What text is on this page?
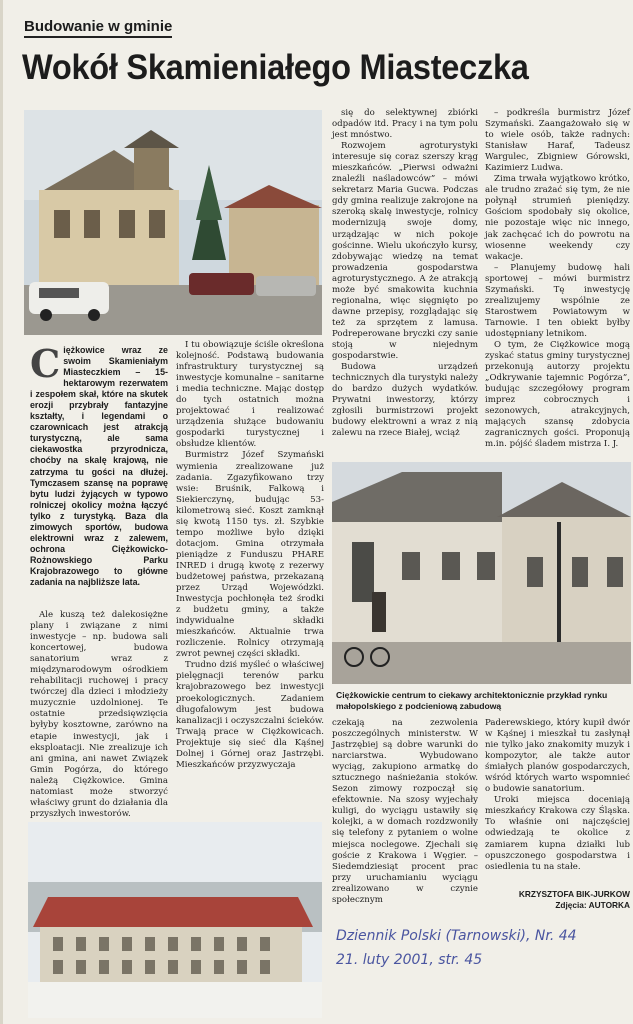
Budowanie w gminie
Wokół Skamieniałego Miasteczka
Ciężkowice wraz ze swoim Skamieniałym Miasteczkiem – 15-hektarowym rezerwatem i zespołem skał, które na skutek erozji przybrały fantazyjne kształty, i legendami o czarownicach jest atrakcją turystyczną, ale sama ciekawostka przyrodnicza, choćby na skalę krajową, nie zatrzyma tu gości na dłużej. Tymczasem szansę na poprawę bytu ludzi żyjących w typowo rolniczej okolicy można łączyć tylko z turystyką. Baza dla zimowych sportów, budowa elektrowni wraz z zalewem, ochrona Ciężkowicko-Rożnowskiego Parku Krajobrazowego to główne zadania na najbliższe lata.

Ale kuszą też dalekosiężne plany i związane z nimi inwestycje – np. budowa sali koncertowej, budowa sanatorium wraz z międzynarodowym ośrodkiem rehabilitacji ruchowej i pracy twórczej dla dzieci i młodzieży muzycznie uzdolnionej. Te ostatnie przedsięwzięcia byłyby kosztowne, zarówno na etapie inwestycji, jak i eksploatacji. Nie zrealizuje ich ani gmina, ani nawet Związek Gmin Pogórza, do którego należą Ciężkowice. Gmina natomiast może stworzyć właściwy grunt do działania dla przyszłych inwestorów.

I tu obowiązuje ściśle określona kolejność. Podstawą budowania infrastruktury turystycznej są inwestycje komunalne – sanitarne i media techniczne. Mając dostęp do tych ostatnich można projektować i realizować urządzenia służące budowaniu gospodarki turystycznej i obsłudze klientów.

Burmistrz Józef Szymański wymienia zrealizowane już zadania. Zgazyfikowano trzy wsie: Bruśnik, Falkową i Siekierczynę, budując 53-kilometrową sieć. Koszt zamknął się kwotą 1150 tys. zł. Szybkie tempo możliwe było dzięki dotacjom. Gmina otrzymała pieniądze z Funduszu PHARE INRED i drugą kwotę z rezerwy budżetowej państwa, przekazaną przez Urząd Wojewódzki. Inwestycja pochłonęła też środki z budżetu gminy, a także indywidualne składki mieszkańców. Aktualnie trwa rozliczenie. Rolnicy otrzymają zwrot pewnej części składki.

Trudno dziś myśleć o właściwej pielęgnacji terenów parku krajobrazowego bez inwestycji proekologicznych. Zadaniem długofalowym jest budowa kanalizacji i oczyszczalni ścieków. Trwają prace w Ciężkowicach. Projektuje się sieć dla Kąśnej Dolnej i Górnej oraz Jastrzębi. Mieszkańców przyzwyczaja

się do selektywnej zbiórki odpadów itd. Pracy i na tym polu jest mnóstwo.

Rozwojem agroturystyki interesuje się coraz szerszy krąg mieszkańców. „Pierwsi odważni znaleźli naśladowców” – mówi sekretarz Maria Gucwa. Podczas gdy gmina realizuje zakrojone na szeroką skalę inwestycje, rolnicy modernizują swoje domy, urządzając w nich pokoje gościnne. Wielu ukończyło kursy, zdobywając wiedzę na temat prowadzenia gospodarstwa agroturystycznego. A że atrakcją może być smakowita kuchnia regionalna, więc sięgnięto po dawne przepisy, rozglądając się też za sprzętem z lamusa. Podreperowane bryczki czy sanie stoją w niejednym gospodarstwie.

Budowa urządzeń technicznych dla turystyki należy do bardzo dużych wydatków. Prywatni inwestorzy, którzy zgłosili burmistrzowi projekt budowy elektrowni a wraz z nią zalewu na rzece Białej, wciąż

– podkreśla burmistrz Józef Szymański. Zaangażowało się w to wiele osób, także radnych: Stanisław Haraf, Tadeusz Wargulec, Zbigniew Górowski, Kazimierz Ludwa.

Zima trwała wyjątkowo krótko, ale trudno zrażać się tym, że nie połynął strumień pieniędzy. Gościom spodobały się okolice, nie pozostaje więc nic innego, jak zachęcać ich do powrotu na wiosenne weekendy czy wakacje.

– Planujemy budowę hali sportowej – mówi burmistrz Szymański. Tę inwestycję zrealizujemy wspólnie ze Starostwem Powiatowym w Tarnowie. I ten obiekt byłby udostępniany letnikom.

O tym, że Ciężkowice mogą zyskać status gminy turystycznej przekonują autorzy projektu „Odkrywanie tajemnic Pogórza”, budując szczegółowy program imprez cobrocznych i sezonowych, atrakcyjnych, mających szansę zdobycia zagranicznych gości. Proponują m.in. pójść śladem mistrza I. J.

Ciężkowickie centrum to ciekawy architektonicznie przykład rynku małopolskiego z podcieniową zabudową

czekają na zezwolenia poszczególnych ministerstw. W Jastrzębiej są dobre warunki do narciarstwa. Wybudowano wyciąg, zakupiono armatkę do sztucznego naśnieżania stoków. Sezon zimowy rozpoczął się efektownie. Na szosy wyjechały kuligi, do wyciągu ustawiły się kolejki, a w domach rozdzwoniły się telefony z pytaniem o wolne miejsca noclegowe. Zjechali się goście z Krakowa i Węgier. – Siedemdziesiąt procent prac przy uruchamianiu wyciągu zrealizowano w czynie społecznym

Paderewskiego, który kupił dwór w Kąśnej i mieszkał tu zasłynął nie tylko jako znakomity muzyk i kompozytor, ale także autor śmiałych planów gospodarczych, wśród których warto wspomnieć o budowie sanatorium.

Uroki miejsca doceniają mieszkańcy Krakowa czy Śląska. To właśnie oni najczęściej odwiedzają te okolice z zamiarem kupna działki lub opuszczonego gospodarstwa i osiedlenia tu na stałe.

KRZYSZTOFA BIK-JURKOW
Zdjęcia: AUTORKA
Dziennik Polski (Tarnowski), Nr. 44
21. luty 2001, str. 45
